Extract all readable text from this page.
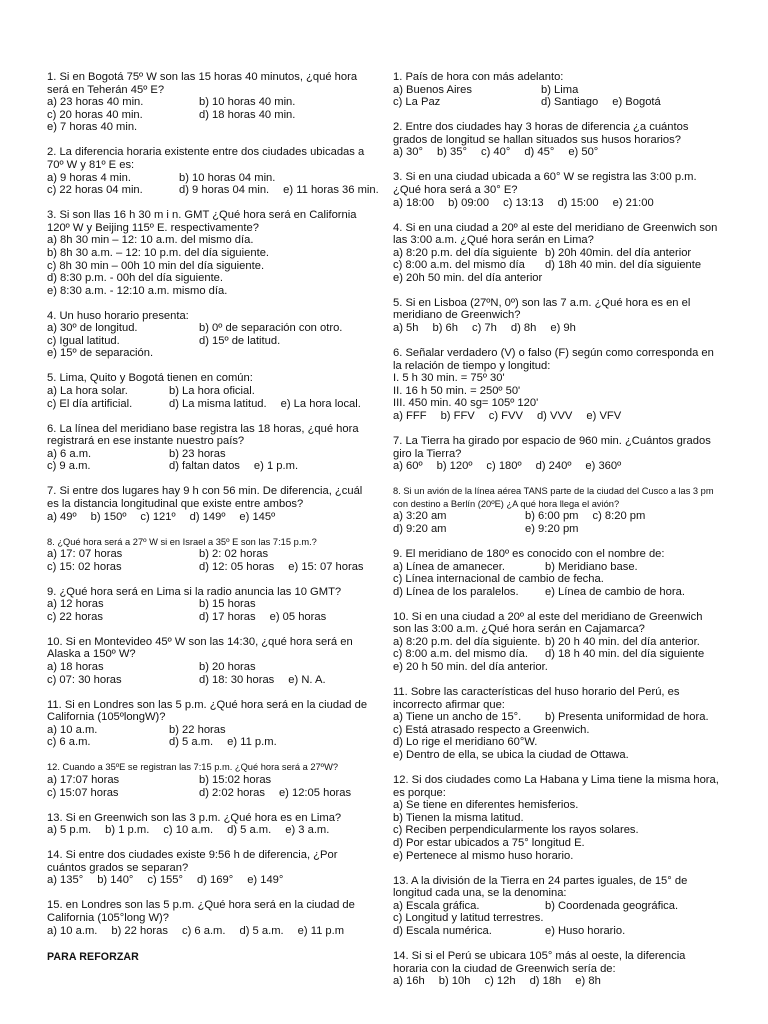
1. Si en Bogotá 75º W son las 15 horas 40 minutos, ¿qué hora será en Teherán 45º E?
a) 23 horas 40 min.	b) 10 horas 40 min.
c) 20 horas 40 min.	d) 18 horas 40 min.
e) 7 horas 40 min.
2. La diferencia horaria existente entre dos ciudades ubicadas a 70º W y 81º E es:
a) 9 horas 4 min.	b) 10 horas 04 min.
c) 22 horas 04 min.	d) 9 horas 04 min.	e) 11 horas 36 min.
3. Si son llas 16 h 30 m i n. GMT ¿Qué hora será en California 120º W y Beijing 115º E. respectivamente?
a) 8h 30 min – 12: 10 a.m. del mismo día.
b) 8h 30 a.m. – 12: 10 p.m. del día siguiente.
c) 8h 30 min – 00h 10 min del día siguiente.
d) 8:30 p.m. - 00h del día siguiente.
e) 8:30 a.m. - 12:10 a.m. mismo día.
4. Un huso horario presenta:
a) 30º de longitud.	b) 0º de separación con otro.
c) Igual latitud.	d) 15º de latitud.
e) 15º de separación.
5. Lima, Quito y Bogotá tienen en común:
a) La hora solar.	b) La hora oficial.
c) El día artificial.	d) La misma latitud.	e) La hora local.
6. La línea del meridiano base registra las 18 horas, ¿qué hora registrará en ese instante nuestro país?
a) 6 a.m.	b) 23 horas
c) 9 a.m.	d) faltan datos	e) 1 p.m.
7. Si entre dos lugares hay 9 h con 56 min. De diferencia, ¿cuál es la distancia longitudinal que existe entre ambos?
a) 49º	b) 150º	c) 121º	d) 149º	e) 145º
8. ¿Qué hora será a 27º W si en Israel a 35º E son las 7:15 p.m.?
a) 17: 07 horas	b) 2: 02 horas
c) 15: 02 horas	d) 12: 05 horas	e) 15: 07 horas
9. ¿Qué hora será en Lima si la radio anuncia las 10 GMT?
a) 12 horas	b) 15 horas
c) 22 horas	d) 17 horas	e) 05 horas
10. Si en Montevideo 45º W son las 14:30, ¿qué hora será en Alaska a 150º W?
a) 18 horas	b) 20 horas
c) 07: 30 horas	d) 18: 30 horas	e) N. A.
11. Si en Londres son las 5 p.m. ¿Qué hora será en la ciudad de California (105ºlongW)?
a) 10 a.m.	b) 22 horas
c) 6 a.m.	d) 5 a.m.	e) 11 p.m.
12. Cuando a 35ºE se registran las 7:15 p.m. ¿Qué hora será a 27ºW?
a) 17:07 horas	b) 15:02 horas
c) 15:07 horas	d) 2:02 horas	e) 12:05 horas
13. Si en Greenwich son las 3 p.m. ¿Qué hora es en Lima?
a) 5 p.m.	b) 1 p.m.	c) 10 a.m.	d) 5 a.m.	e) 3 a.m.
14. Si entre dos ciudades existe 9:56 h de diferencia, ¿Por cuántos grados se separan?
a) 135°	b) 140°	c) 155°	d) 169°	e) 149°
15. en Londres son las 5 p.m. ¿Qué hora será en la ciudad de California (105°long W)?
a) 10 a.m.	b) 22 horas	c) 6 a.m.	d) 5 a.m.	e) 11 p.m
1. País de hora con más adelanto:
a) Buenos Aires	b) Lima
c) La Paz	d) Santiago	e) Bogotá
2. Entre dos ciudades hay 3 horas de diferencia ¿a cuántos grados de longitud se hallan situados sus husos horarios?
a) 30°	b) 35°	c) 40°	d) 45°	e) 50°
3. Si en una ciudad ubicada a 60° W se registra las 3:00 p.m. ¿Qué hora será a 30° E?
a) 18:00	b) 09:00	c) 13:13	d) 15:00	e) 21:00
4. Si en una ciudad a 20º al este del meridiano de Greenwich son las 3:00 a.m. ¿Qué hora serán en Lima?
a) 8:20 p.m. del día siguiente b) 20h 40min. del día anterior
c) 8:00 a.m. del mismo día	d) 18h 40 min. del día siguiente
e) 20h 50 min. del día anterior
5. Si en Lisboa (27ºN, 0º) son las 7 a.m. ¿Qué hora es en el meridiano de Greenwich?
a) 5h	b) 6h	c) 7h	d) 8h	e) 9h
6. Señalar verdadero (V) o falso (F) según como corresponda en la relación de tiempo y longitud:
I. 5 h 30 min. = 75º 30'
II. 16 h 50 min. = 250º 50'
III. 450 min. 40 sg= 105º 120'
a) FFF	b) FFV	c) FVV	d) VVV	e) VFV
7. La Tierra ha girado por espacio de 960 min. ¿Cuántos grados giro la Tierra?
a) 60º	b) 120º	c) 180º	d) 240º	e) 360º
8. Si un avión de la línea aérea TANS parte de la ciudad del Cusco a las 3 pm con destino a Berlín (20ºE) ¿A qué hora llega el avión?
a) 3:20 am	b) 6:00 pm	c) 8:20 pm
d) 9:20 am	e) 9:20 pm
9. El meridiano de 180º es conocido con el nombre de:
a) Línea de amanecer.	b) Meridiano base.
c) Línea internacional de cambio de fecha.
d) Línea de los paralelos.	e) Línea de cambio de hora.
10. Si en una ciudad a 20º al este del meridiano de Greenwich son las 3:00 a.m. ¿Qué hora serán en Cajamarca?
a) 8:20 p.m. del día siguiente. b) 20 h 40 min. del día anterior.
c) 8:00 a.m. del mismo día.	d) 18 h 40 min. del día siguiente
e) 20 h 50 min. del día anterior.
11. Sobre las características del huso horario del Perú, es incorrecto afirmar que:
a) Tiene un ancho de 15°.	b) Presenta uniformidad de hora.
c) Está atrasado respecto a Greenwich.
d) Lo rige el meridiano 60°W.
e) Dentro de ella, se ubica la ciudad de Ottawa.
12. Si dos ciudades como La Habana y Lima tiene la misma hora, es porque:
a) Se tiene en diferentes hemisferios.
b) Tienen la misma latitud.
c) Reciben perpendicularmente los rayos solares.
d) Por estar ubicados a 75° longitud E.
e) Pertenece al mismo huso horario.
13. A la división de la Tierra en 24 partes iguales, de 15° de longitud cada una, se la denomina:
a) Escala gráfica.	b) Coordenada geográfica.
c) Longitud y latitud terrestres.
d) Escala numérica.	e) Huso horario.
14. Si si el Perú se ubicara 105° más al oeste, la diferencia horaria con la ciudad de Greenwich sería de:
a) 16h	b) 10h	c) 12h	d) 18h	e) 8h
PARA REFORZAR
